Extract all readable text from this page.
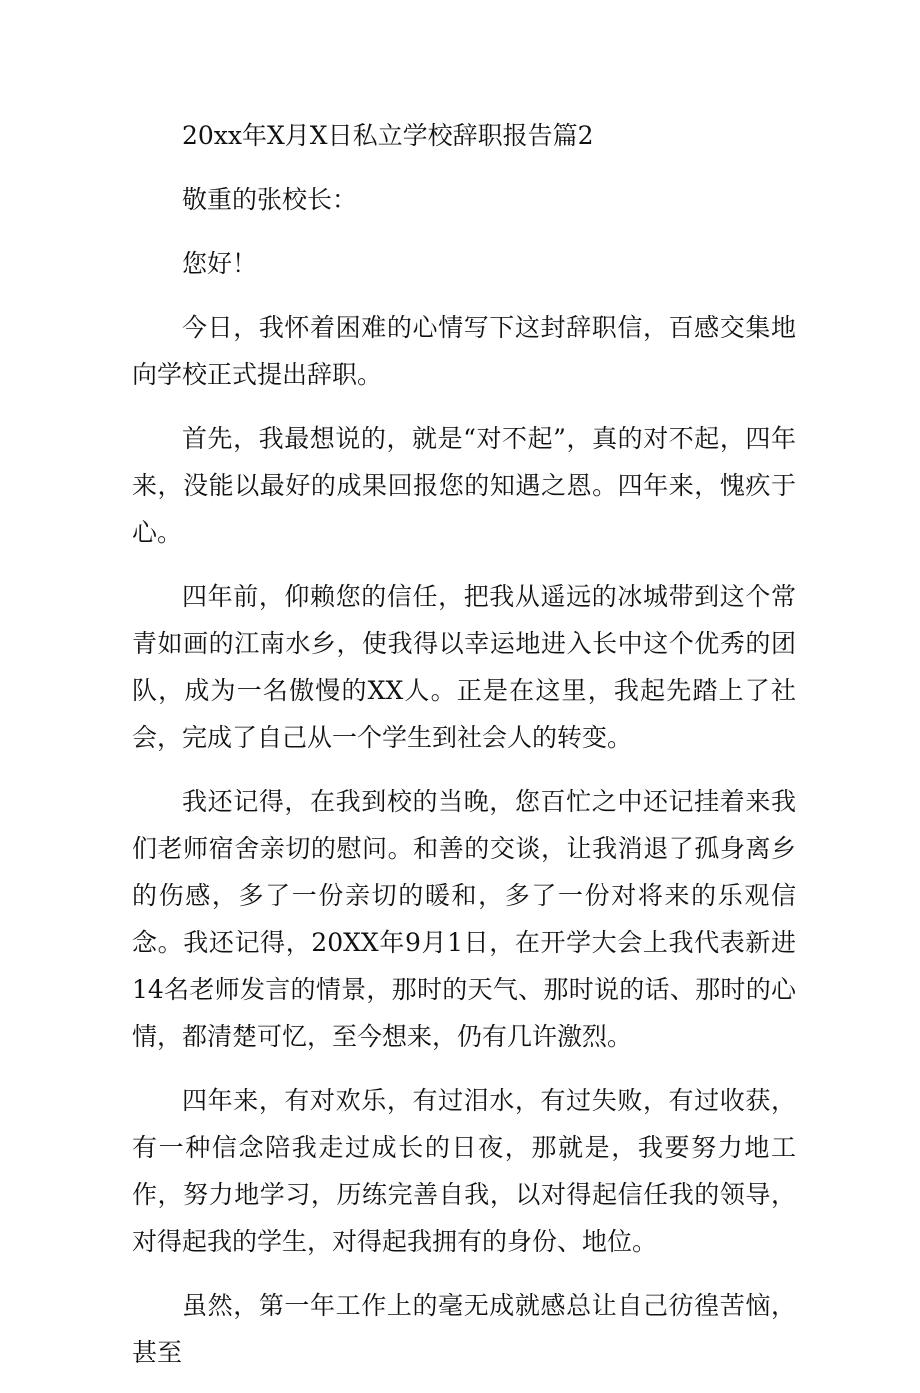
20xx年X月X日私立学校辞职报告篇2

敬重的张校长：

您好！

今日，我怀着困难的心情写下这封辞职信，百感交集地向学校正式提出辞职。

首先，我最想说的，就是“对不起”，真的对不起，四年来，没能以最好的成果回报您的知遇之恩。四年来，愧疚于心。

四年前，仰赖您的信任，把我从遥远的冰城带到这个常青如画的江南水乡，使我得以幸运地进入长中这个优秀的团队，成为一名傲慢的XX人。正是在这里，我起先踏上了社会，完成了自己从一个学生到社会人的转变。

我还记得，在我到校的当晚，您百忙之中还记挂着来我们老师宿舍亲切的慰问。和善的交谈，让我消退了孤身离乡的伤感，多了一份亲切的暖和，多了一份对将来的乐观信念。我还记得，20XX年9月1日，在开学大会上我代表新进14名老师发言的情景，那时的天气、那时说的话、那时的心情，都清楚可忆，至今想来，仍有几许激烈。

四年来，有对欢乐，有过泪水，有过失败，有过收获，有一种信念陪我走过成长的日夜，那就是，我要努力地工作，努力地学习，历练完善自我，以对得起信任我的领导，对得起我的学生，对得起我拥有的身份、地位。

虽然，第一年工作上的毫无成就感总让自己彷徨苦恼，甚至
